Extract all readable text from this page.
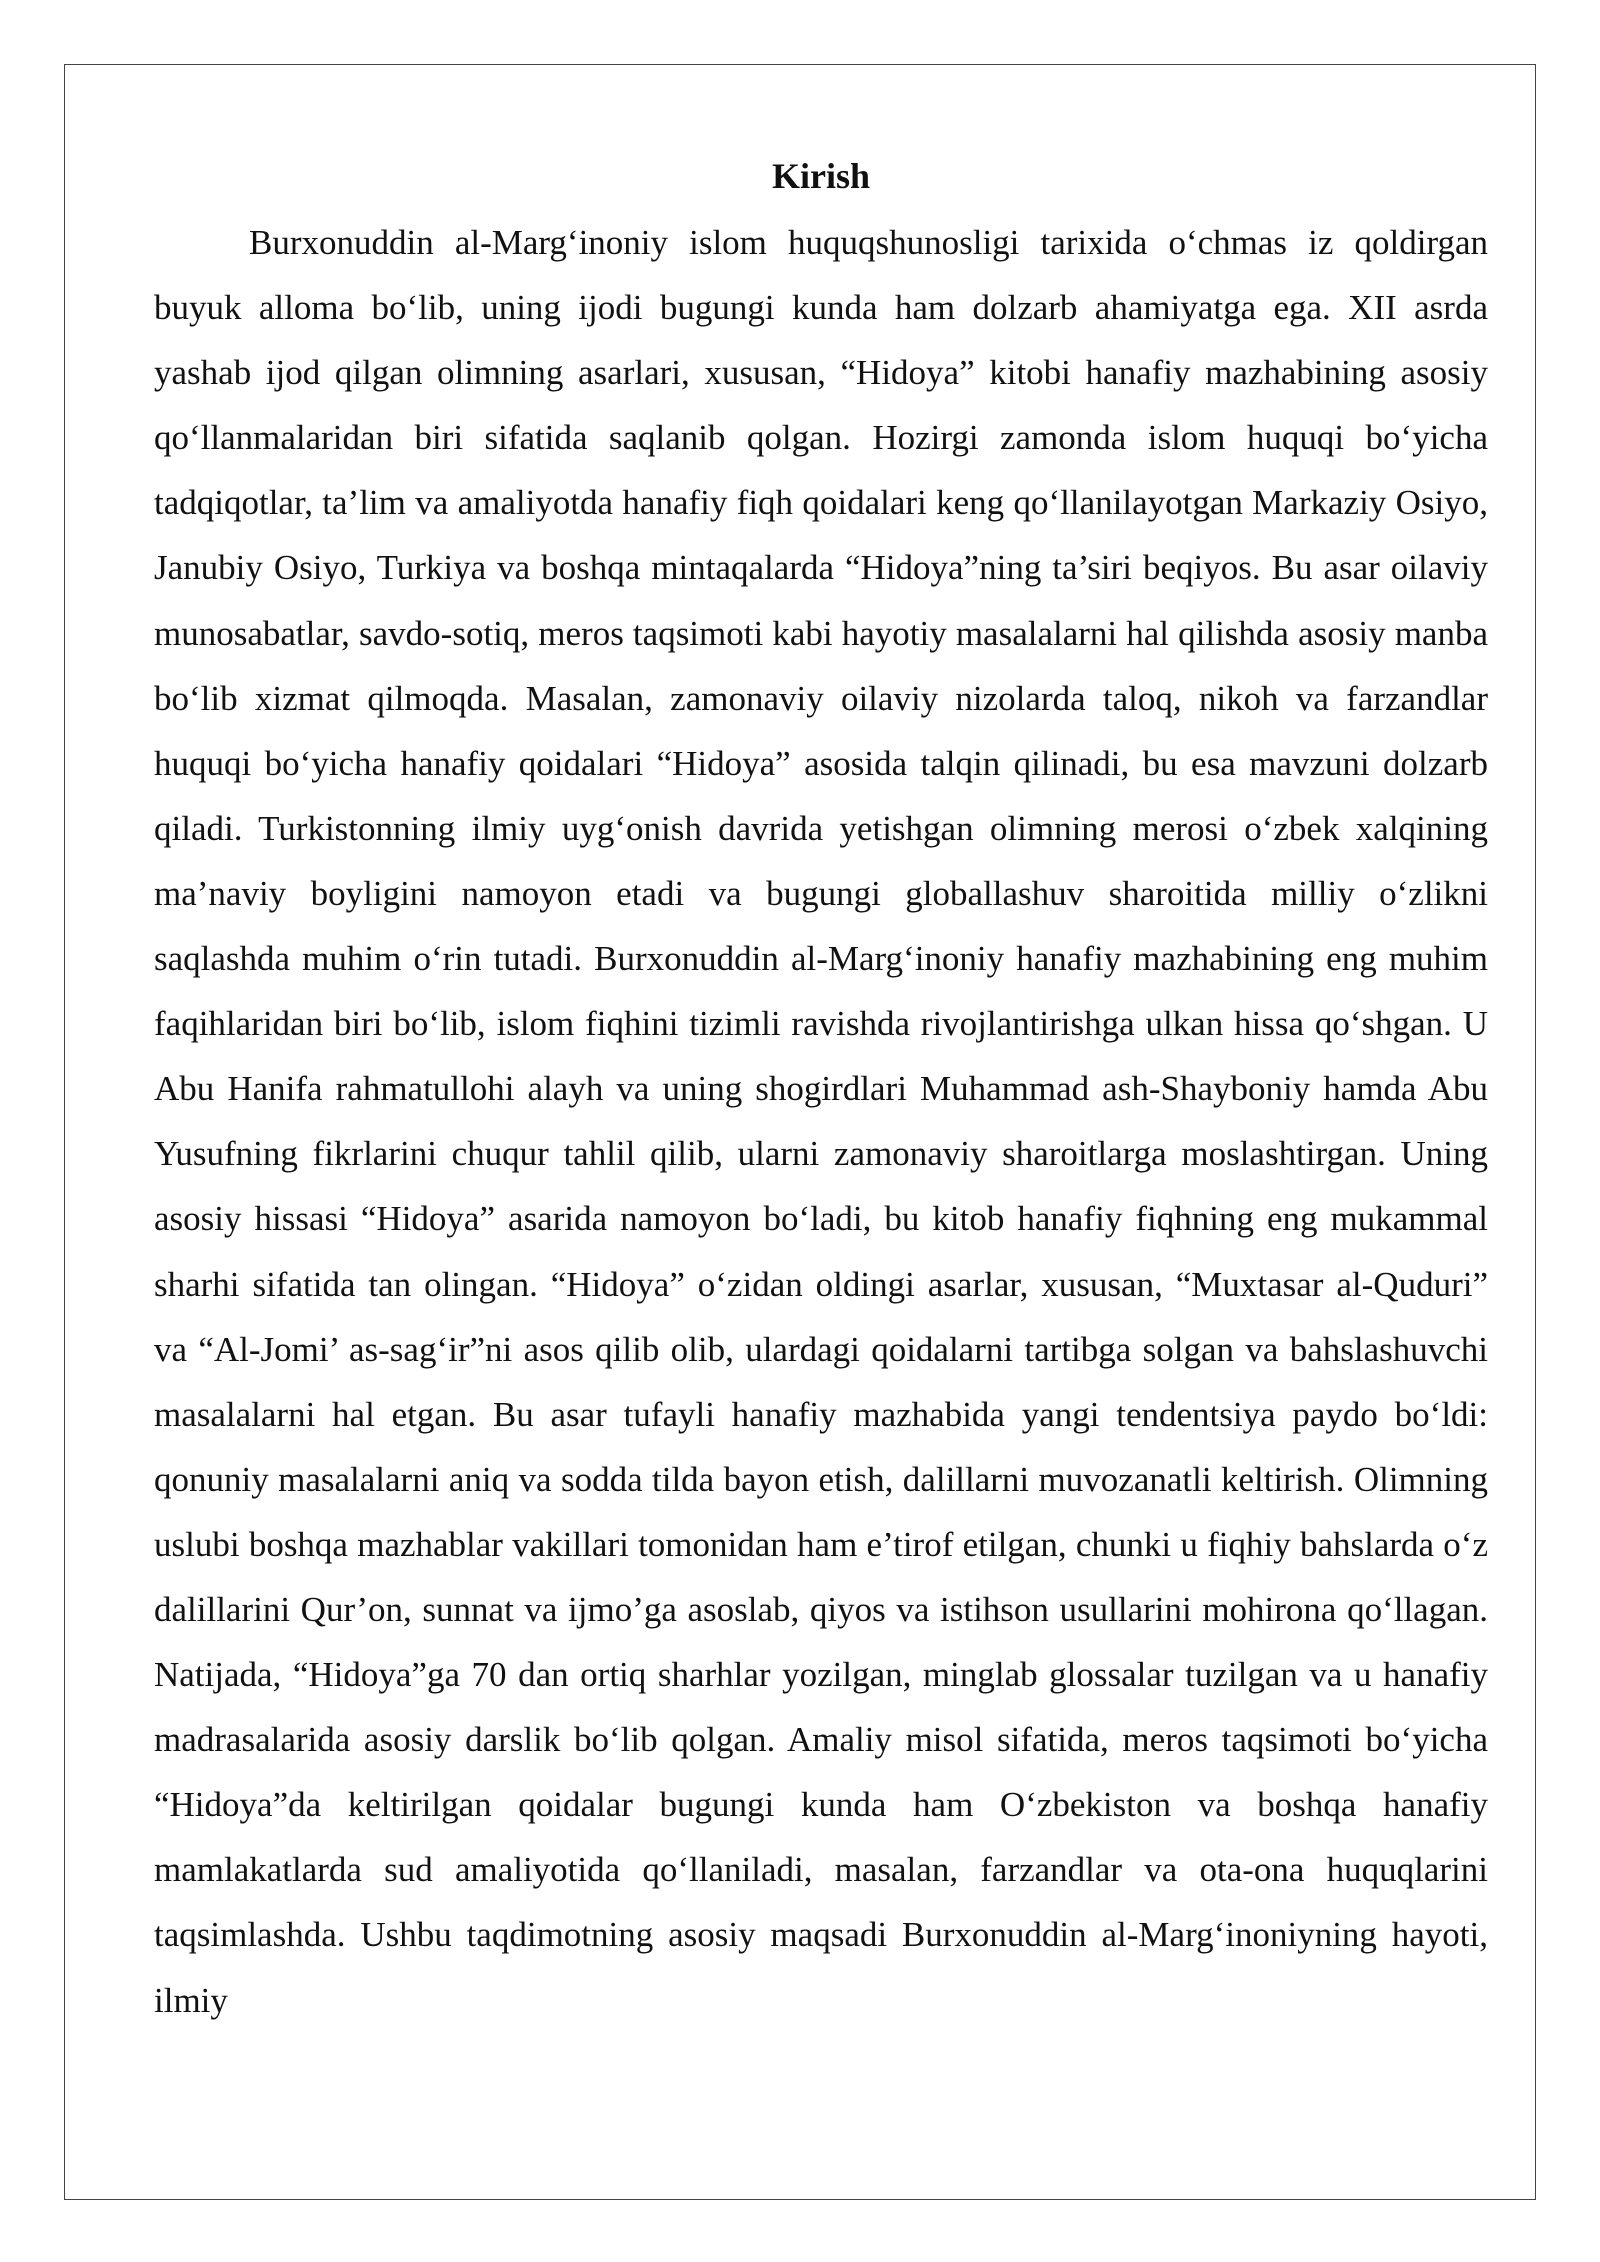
Kirish

Burxonuddin al-Marg‘inoniy islom huquqshunosligi tarixida o‘chmas iz qoldirgan buyuk alloma bo‘lib, uning ijodi bugungi kunda ham dolzarb ahamiyatga ega. XII asrda yashab ijod qilgan olimning asarlari, xususan, “Hidoya” kitobi hanafiy mazhabining asosiy qo‘llanmalaridan biri sifatida saqlanib qolgan. Hozirgi zamonda islom huquqi bo‘yicha tadqiqotlar, ta’lim va amaliyotda hanafiy fiqh qoidalari keng qo‘llanilayotgan Markaziy Osiyo, Janubiy Osiyo, Turkiya va boshqa mintaqalarda “Hidoya”ning ta’siri beqiyos. Bu asar oilaviy munosabatlar, savdo-sotiq, meros taqsimoti kabi hayotiy masalalarni hal qilishda asosiy manba bo‘lib xizmat qilmoqda. Masalan, zamonaviy oilaviy nizolarda taloq, nikoh va farzandlar huquqi bo‘yicha hanafiy qoidalari “Hidoya” asosida talqin qilinadi, bu esa mavzuni dolzarb qiladi. Turkistonning ilmiy uyg‘onish davrida yetishgan olimning merosi o‘zbek xalqining ma’naviy boyligini namoyon etadi va bugungi globallashuv sharoitida milliy o‘zlikni saqlashda muhim o‘rin tutadi. Burxonuddin al-Marg‘inoniy hanafiy mazhabining eng muhim faqihlaridan biri bo‘lib, islom fiqhini tizimli ravishda rivojlantirishga ulkan hissa qo‘shgan. U Abu Hanifa rahmatullohi alayh va uning shogirdlari Muhammad ash-Shayboniy hamda Abu Yusufning fikrlarini chuqur tahlil qilib, ularni zamonaviy sharoitlarga moslashtirgan. Uning asosiy hissasi “Hidoya” asarida namoyon bo‘ladi, bu kitob hanafiy fiqhning eng mukammal sharhi sifatida tan olingan. “Hidoya” o‘zidan oldingi asarlar, xususan, “Muxtasar al-Quduri” va “Al-Jomi’ as-sag‘ir”ni asos qilib olib, ulardagi qoidalarni tartibga solgan va bahslashuvchi masalalarni hal etgan. Bu asar tufayli hanafiy mazhabida yangi tendentsiya paydo bo‘ldi: qonuniy masalalarni aniq va sodda tilda bayon etish, dalillarni muvozanatli keltirish. Olimning uslubi boshqa mazhablar vakillari tomonidan ham e’tirof etilgan, chunki u fiqhiy bahslarda o‘z dalillarini Qur’on, sunnat va ijmo’ga asoslab, qiyos va istihson usullarini mohirona qo‘llagan. Natijada, “Hidoya”ga 70 dan ortiq sharhlar yozilgan, minglab glossalar tuzilgan va u hanafiy madrasalarida asosiy darslik bo‘lib qolgan. Amaliy misol sifatida, meros taqsimoti bo‘yicha “Hidoya”da keltirilgan qoidalar bugungi kunda ham O‘zbekiston va boshqa hanafiy mamlakatlarda sud amaliyotida qo‘llaniladi, masalan, farzandlar va ota-ona huquqlarini taqsimlashda. Ushbu taqdimotning asosiy maqsadi Burxonuddin al-Marg‘inoniyning hayoti, ilmiy
